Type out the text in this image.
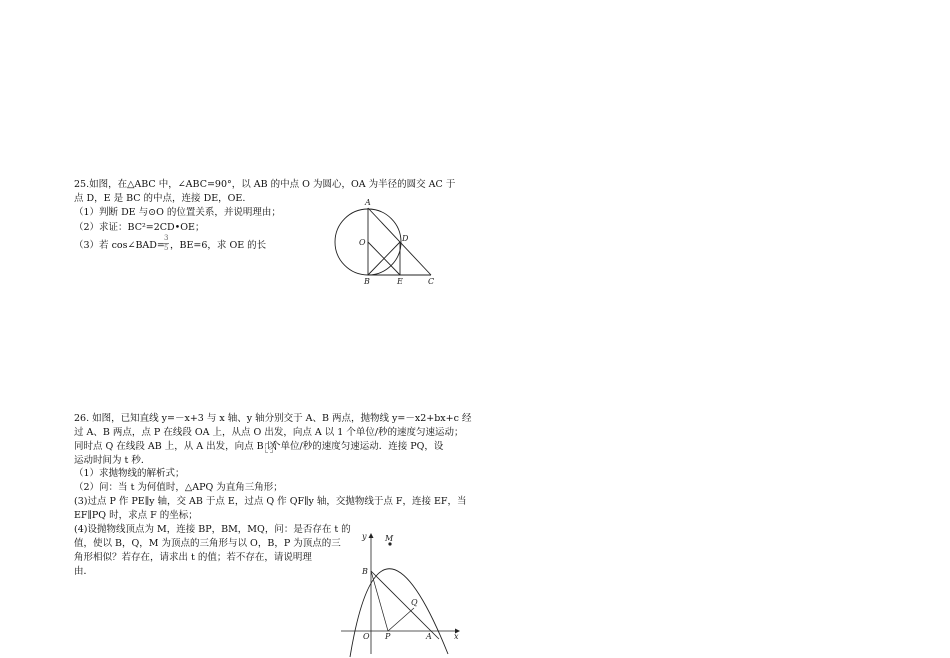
25.如图，在△ABC 中，∠ABC=90°，以 AB 的中点 O 为圆心，OA 为半径的圆交 AC 于
点 D，E 是 BC 的中点，连接 DE，OE.
（1）判断 DE 与⊙O 的位置关系，并说明理由；
（2）求证：BC²=2CD•OE；
（3）若 cos∠BAD=
3
5 ，BE=6，求 OE 的长
A
O	D
B	E	C
26. 如图，已知直线 y=－x+3 与 x 轴、y 轴分别交于 A、B 两点，抛物线 y=－x2+bx+c 经
过 A、B 两点，点 P 在线段 OA 上，从点 O 出发，向点 A 以 1 个单位/秒的速度匀速运动；
同时点 Q 在线段 AB 上，从 A 出发，向点 B 以
个单位/秒的速度匀速运动．连接 PQ，设
运动时间为 t 秒．
（1）求抛物线的解析式；
（2）问：当 t 为何值时，△APQ 为直角三角形；
(3)过点 P 作 PE∥y 轴，交 AB 于点 E，过点 Q 作 QF∥y 轴，交抛物线于点 F，连接 EF，当
EF∥PQ 时，求点 F 的坐标；
(4)设抛物线顶点为 M，连接 BP，BM，MQ，问：是否存在 t 的
值，使以 B，Q，M 为顶点的三角形与以 O，B，P 为顶点的三
角形相似？若存在，请求出 t 的值；若不存在，请说明理
由．
y M
B
Q
O P	A	x
